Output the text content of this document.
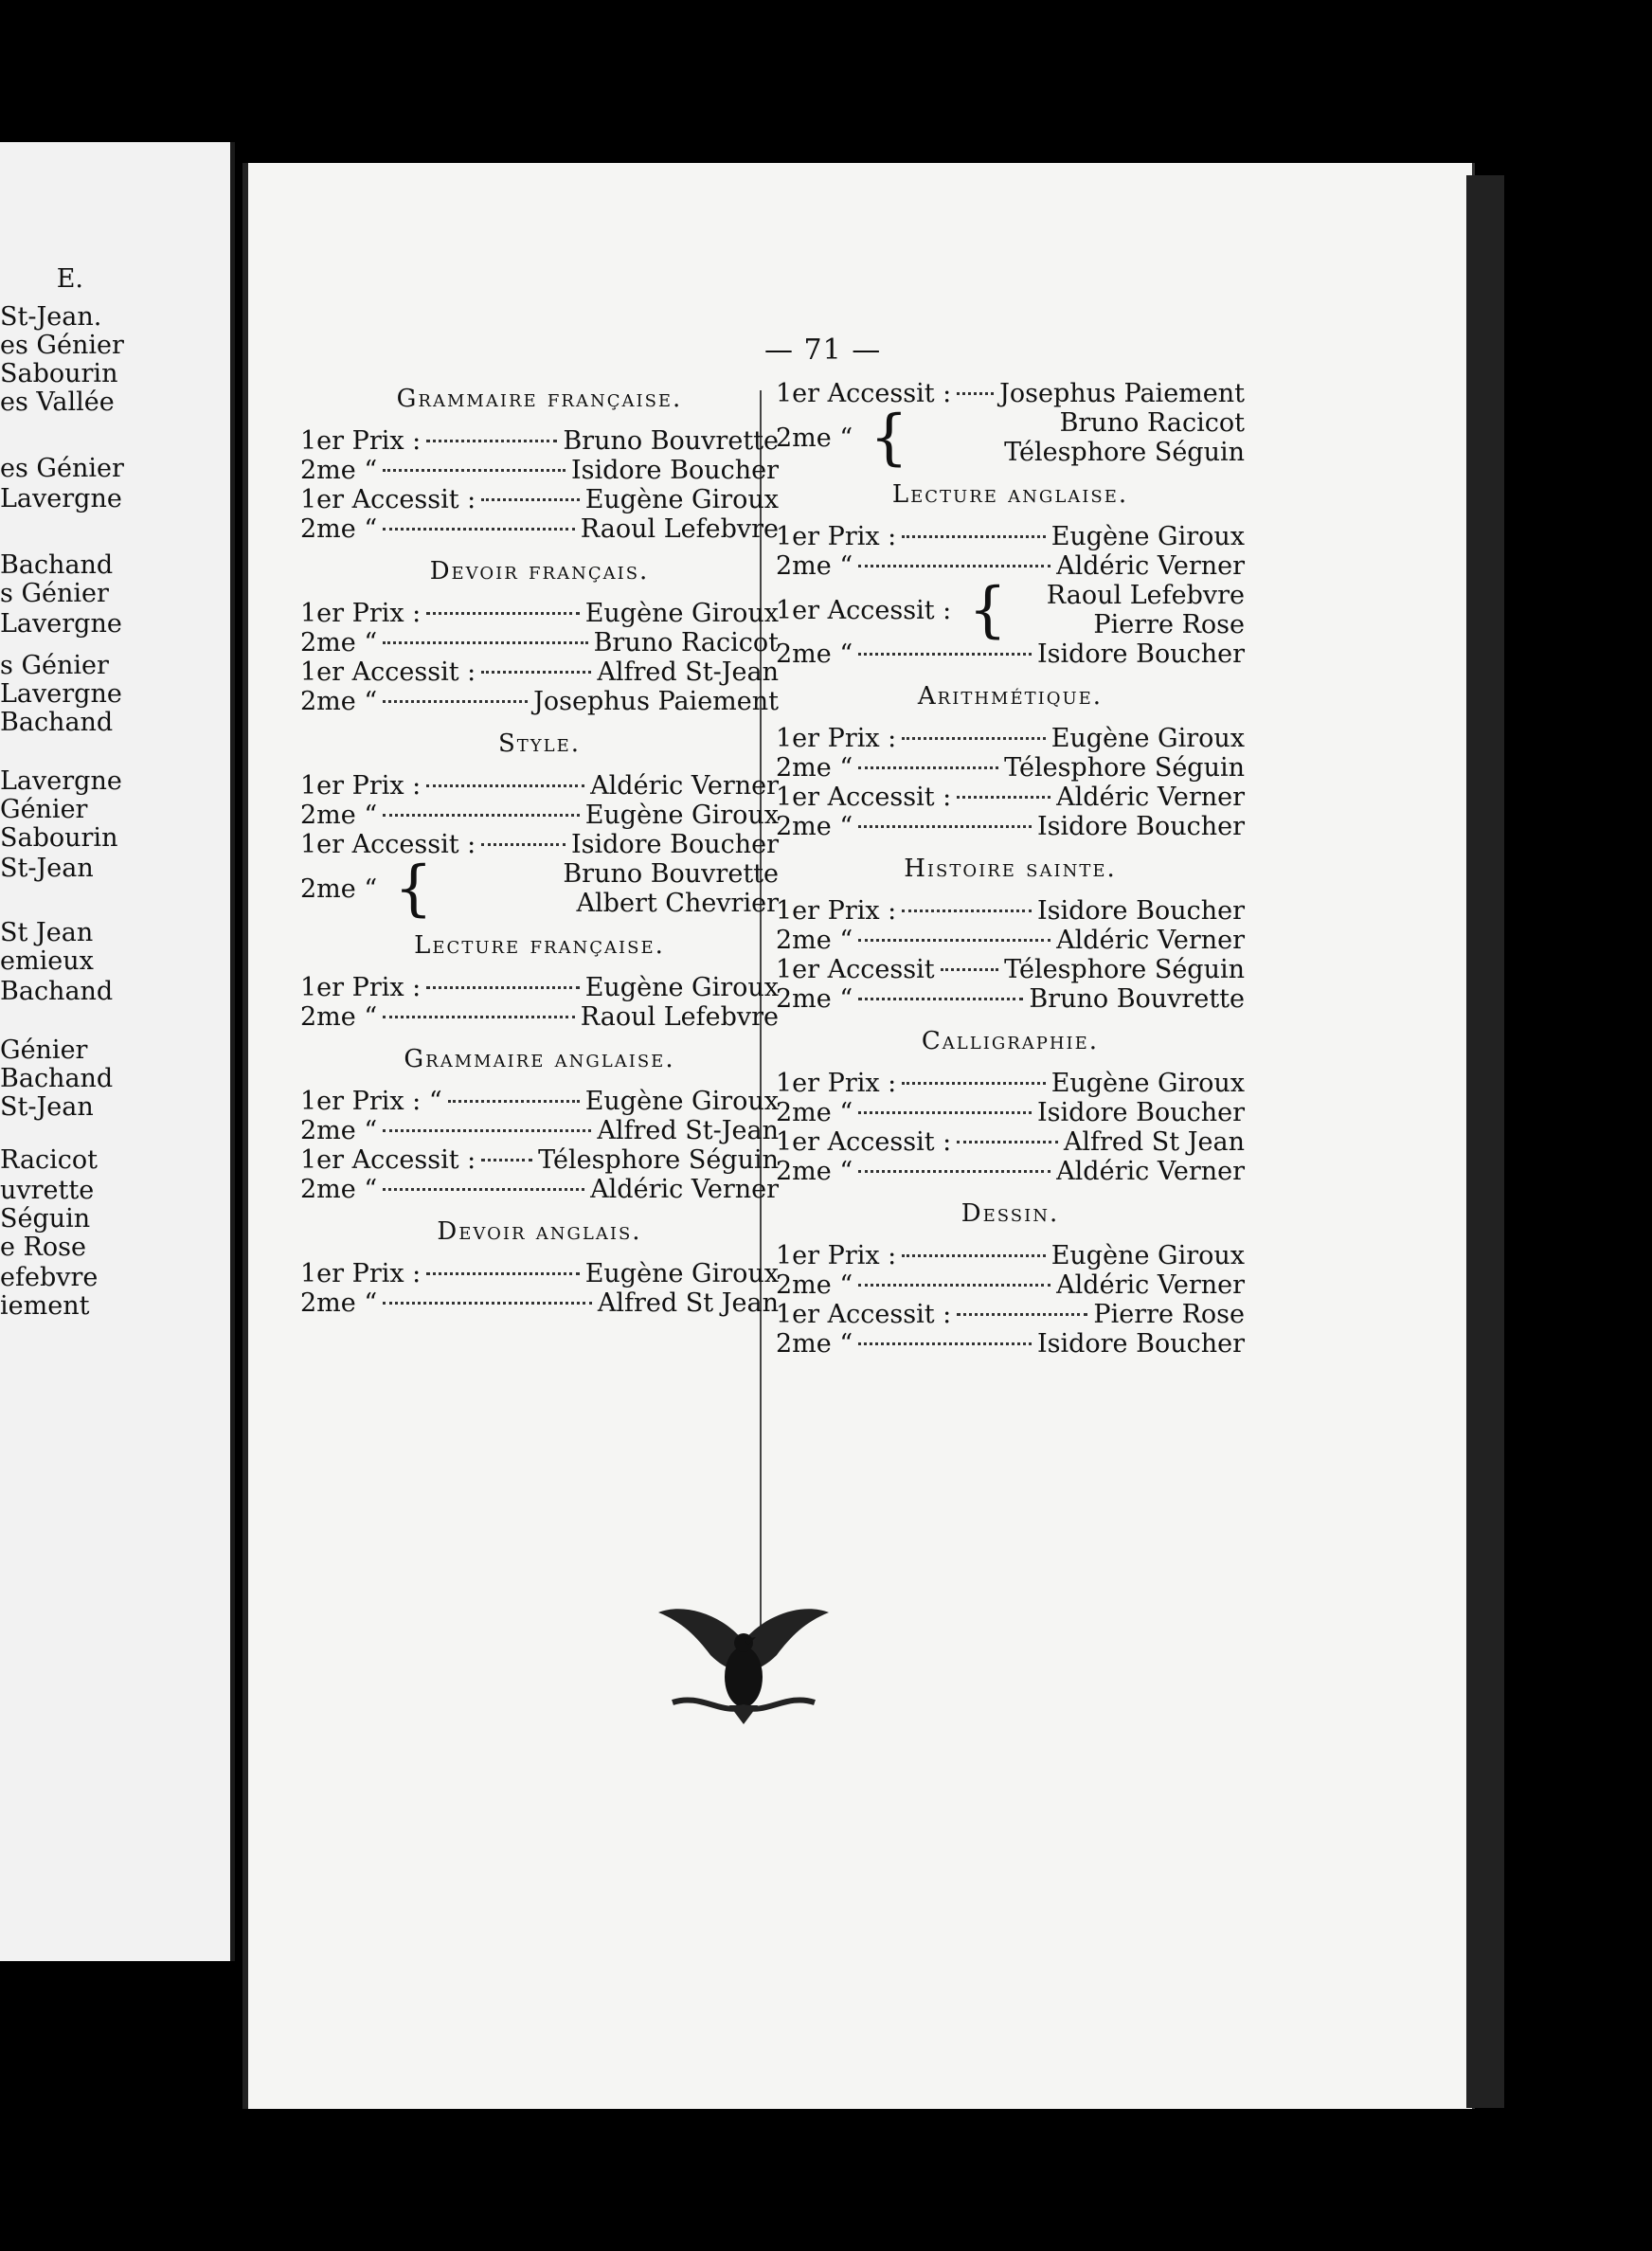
E.
St-Jean.
es Génier
Sabourin
es Vallée
es Génier
Lavergne
Bachand
s Génier
Lavergne
s Génier
Lavergne
Bachand
Lavergne
Génier
Sabourin
St-Jean
St Jean
emieux
Bachand
Génier
Bachand
St-Jean
Racicot
uvrette
Séguin
e Rose
efebvre
iement
— 71 —
Grammaire française.
1er Prix :	Bruno Bouvrette
2me “	Isidore Boucher
1er Accessit :	Eugène Giroux
2me “	Raoul Lefebvre
Devoir français.
1er Prix :	Eugène Giroux
2me “	Bruno Racicot
1er Accessit :	Alfred St-Jean
2me “	Josephus Paiement
Style.
1er Prix :	Aldéric Verner
2me “	Eugène Giroux
1er Accessit :	Isidore Boucher
2me “ {	Bruno Bouvrette
Albert Chevrier
Lecture française.
1er Prix :	Eugène Giroux
2me “	Raoul Lefebvre
Grammaire anglaise.
1er Prix : “	Eugène Giroux
2me “	Alfred St-Jean
1er Accessit : Télesphore Séguin
2me “	Aldéric Verner
Devoir anglais.
1er Prix :	Eugène Giroux
2me “	Alfred St Jean
1er Accessit : Josephus Paiement
2me “ {	Bruno Racicot
Télesphore Séguin
Lecture anglaise.
1er Prix :	Eugène Giroux
2me “	Aldéric Verner
1er Accessit : {	Raoul Lefebvre
Pierre Rose
2me “	Isidore Boucher
Arithmétique.
1er Prix :	Eugène Giroux
2me “	Télesphore Séguin
1er Accessit :	Aldéric Verner
2me “	Isidore Boucher
Histoire sainte.
1er Prix :	Isidore Boucher
2me “	Aldéric Verner
1er Accessit	Télesphore Séguin
2me “	Bruno Bouvrette
Calligraphie.
1er Prix :	Eugène Giroux
2me “	Isidore Boucher
1er Accessit :	Alfred St Jean
2me “	Aldéric Verner
Dessin.
1er Prix :	Eugène Giroux
2me “	Aldéric Verner
1er Accessit :	Pierre Rose
2me “	Isidore Boucher
